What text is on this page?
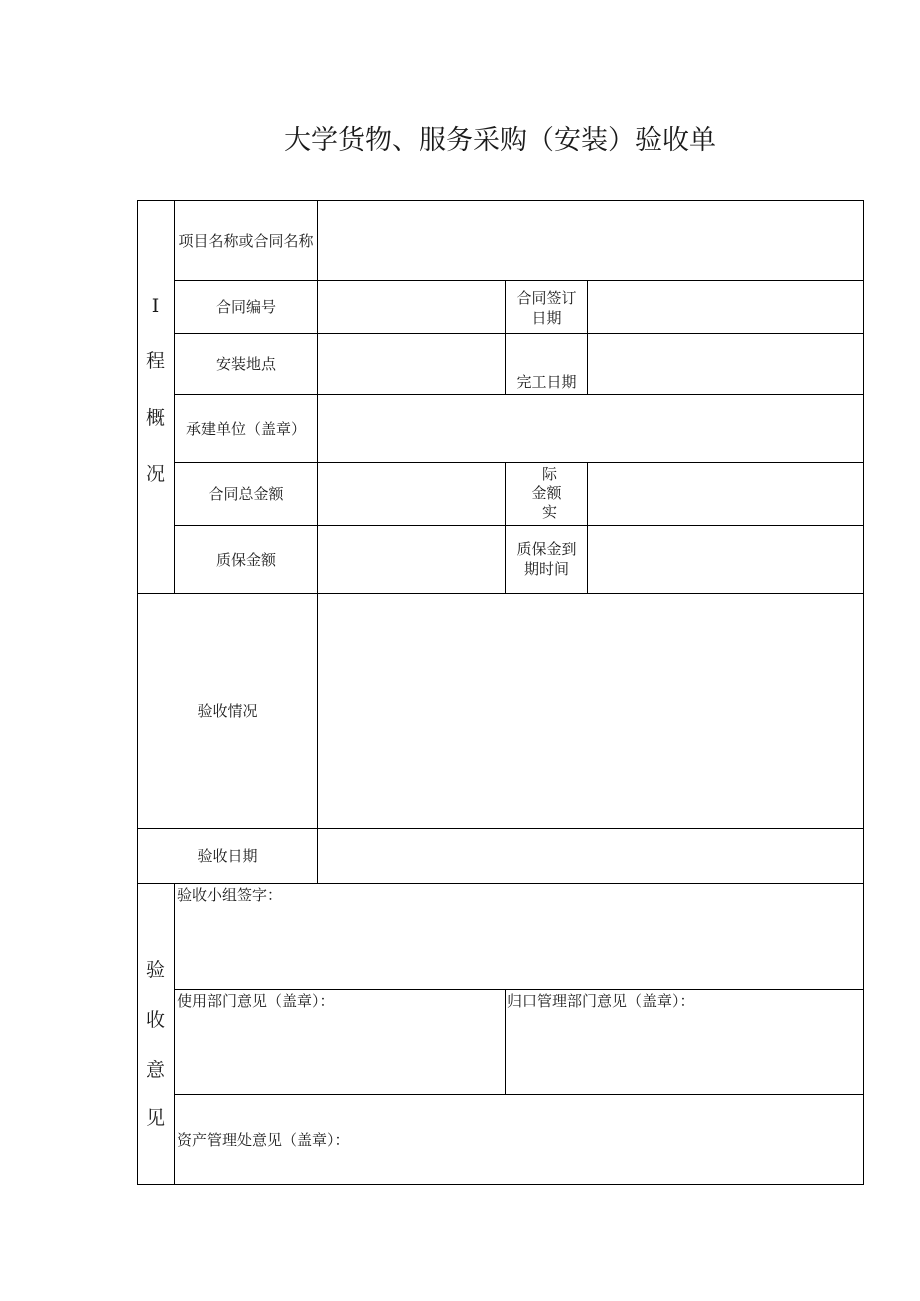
大学货物、服务采购（安装）验收单
I
程
概
况
项目名称或合同名称
合同编号	合同签订日期
安装地点
完工日期
承建单位（盖章）
合同总金额
际
金额
实
质保金额
质保金到期时间
验收情况
验收日期
验
收
意
见
验收小组签字：
使用部门意见（盖章）：	归口管理部门意见（盖章）：
资产管理处意见（盖章）：
